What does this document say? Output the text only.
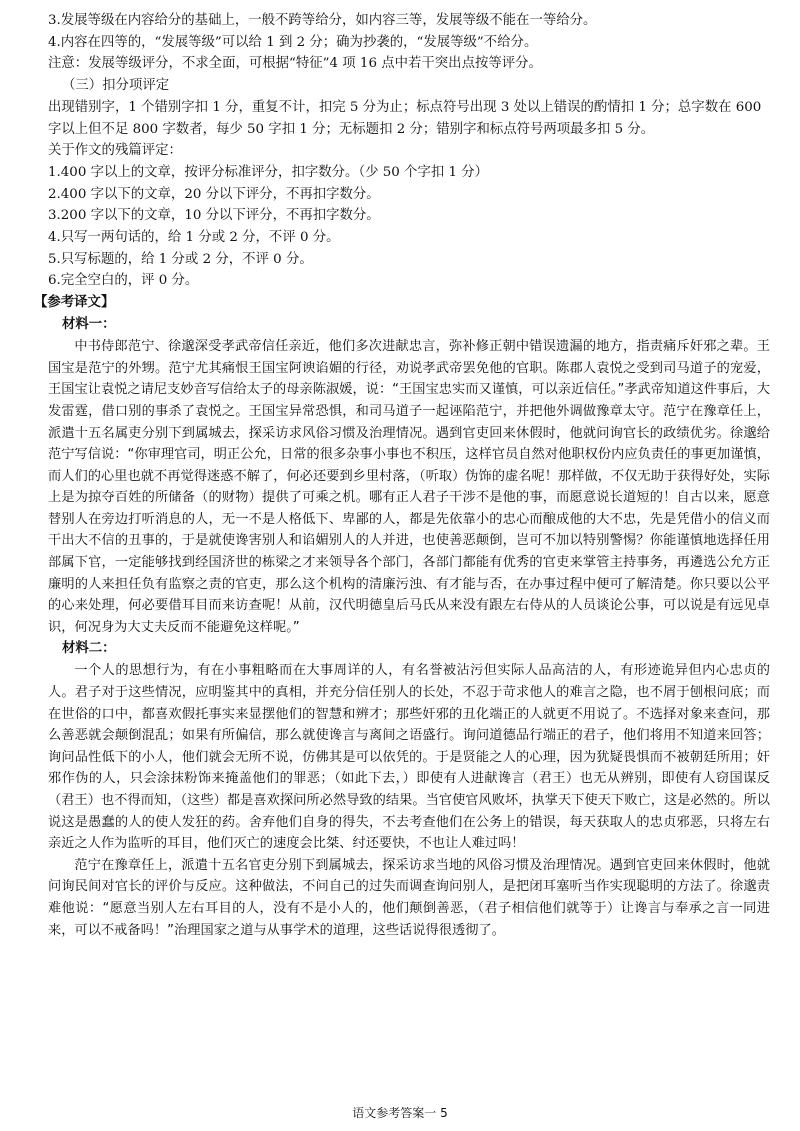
3.发展等级在内容给分的基础上，一般不跨等给分，如内容三等，发展等级不能在一等给分。
4.内容在四等的，“发展等级”可以给 1 到 2 分；确为抄袭的，“发展等级”不给分。
注意：发展等级评分，不求全面，可根据“特征”4 项 16 点中若干突出点按等评分。
（三）扣分项评定
出现错别字，1 个错别字扣 1 分，重复不计，扣完 5 分为止；标点符号出现 3 处以上错误的酌情扣 1 分；总字数在 600
字以上但不足 800 字数者，每少 50 字扣 1 分；无标题扣 2 分；错别字和标点符号两项最多扣 5 分。
关于作文的残篇评定：
1.400 字以上的文章，按评分标准评分，扣字数分。（少 50 个字扣 1 分）
2.400 字以下的文章，20 分以下评分，不再扣字数分。
3.200 字以下的文章，10 分以下评分，不再扣字数分。
4.只写一两句话的，给 1 分或 2 分，不评 0 分。
5.只写标题的，给 1 分或 2 分，不评 0 分。
6.完全空白的，评 0 分。
【参考译文】
材料一：

中书侍郎范宁、徐邈深受孝武帝信任亲近，他们多次进献忠言，弥补修正朝中错误遗漏的地方，指责痛斥奸邪之辈。王国宝是范宁的外甥。范宁尤其痛恨王国宝阿谀谄媚的行径，劝说孝武帝罢免他的官职。陈郡人袁悦之受到司马道子的宠爱，王国宝让袁悦之请尼支妙音写信给太子的母亲陈淑媛，说：“王国宝忠实而又谨慎，可以亲近信任。”孝武帝知道这件事后，大发雷霆，借口别的事杀了袁悦之。王国宝异常恐惧，和司马道子一起诬陷范宁，并把他外调做豫章太守。范宁在豫章任上，派遣十五名属吏分别下到属城去，探采访求风俗习惯及治理情况。遇到官吏回来休假时，他就问询官长的政绩优劣。徐邈给范宁写信说：“你审理官司，明正公允，日常的很多杂事小事也不积压，这样官员自然对他职权份内应负责任的事更加谨慎，而人们的心里也就不再觉得迷惑不解了，何必还要到乡里村落，（听取）伪饰的虚名呢！那样做，不仅无助于获得好处，实际上是为掠夺百姓的所储备（的财物）提供了可乘之机。哪有正人君子干涉不是他的事，而愿意说长道短的！自古以来，愿意替别人在旁边打听消息的人，无一不是人格低下、卑鄙的人，都是先依靠小的忠心而酿成他的大不忠，先是凭借小的信义而干出大不信的丑事的，于是就使谗害别人和谄媚别人的人并进，也使善恶颠倒，岂可不加以特别警惕？你能谨慎地选择任用部属下官，一定能够找到经国济世的栋梁之才来领导各个部门，各部门都能有优秀的官吏来掌管主持事务，再遴选公允方正廉明的人来担任负有监察之责的官吏，那么这个机构的清廉污浊、有才能与否，在办事过程中便可了解清楚。你只要以公平的心来处理，何必要借耳目而来访查呢！从前，汉代明德皇后马氏从来没有跟左右侍从的人员谈论公事，可以说是有远见卓识，何况身为大丈夫反而不能避免这样呢。”

材料二：

一个人的思想行为，有在小事粗略而在大事周详的人，有名誉被沾污但实际人品高洁的人，有形迹诡异但内心忠贞的人。君子对于这些情况，应明鉴其中的真相，并充分信任别人的长处，不忍于苛求他人的难言之隐，也不屑于刨根问底；而在世俗的口中，都喜欢假托事实来显摆他们的智慧和辨才；那些奸邪的丑化端正的人就更不用说了。不选择对象来查问，那么善恶就会颠倒混乱；如果有所偏信，那么就使谗言与离间之语盛行。询问道德品行端正的君子，他们将用不知道来回答；询问品性低下的小人，他们就会无所不说，仿佛其是可以依凭的。于是贤能之人的心理，因为犹疑畏惧而不被朝廷所用；奸邪作伪的人，只会涂抹粉饰来掩盖他们的罪恶；（如此下去，）即使有人进献谗言（君王）也无从辨别，即使有人窃国谋反（君王）也不得而知，（这些）都是喜欢探问所必然导致的结果。当官使官风败坏，执掌天下使天下败亡，这是必然的。所以说这是愚蠢的人的使人发狂的药。舍弃他们自身的得失，不去考查他们在公务上的错误，每天获取人的忠贞邪恶，只将左右亲近之人作为监听的耳目，他们灭亡的速度会比桀、纣还要快，不也让人难过吗！

范宁在豫章任上，派遣十五名官吏分别下到属城去，探采访求当地的风俗习惯及治理情况。遇到官吏回来休假时，他就问询民间对官长的评价与反应。这种做法，不问自己的过失而调查询问别人，是把闭耳塞听当作实现聪明的方法了。徐邈责难他说：“愿意当别人左右耳目的人，没有不是小人的，他们颠倒善恶，（君子相信他们就等于）让谗言与奉承之言一同进来，可以不戒备吗！”治理国家之道与从事学术的道理，这些话说得很透彻了。

语文参考答案一 5
